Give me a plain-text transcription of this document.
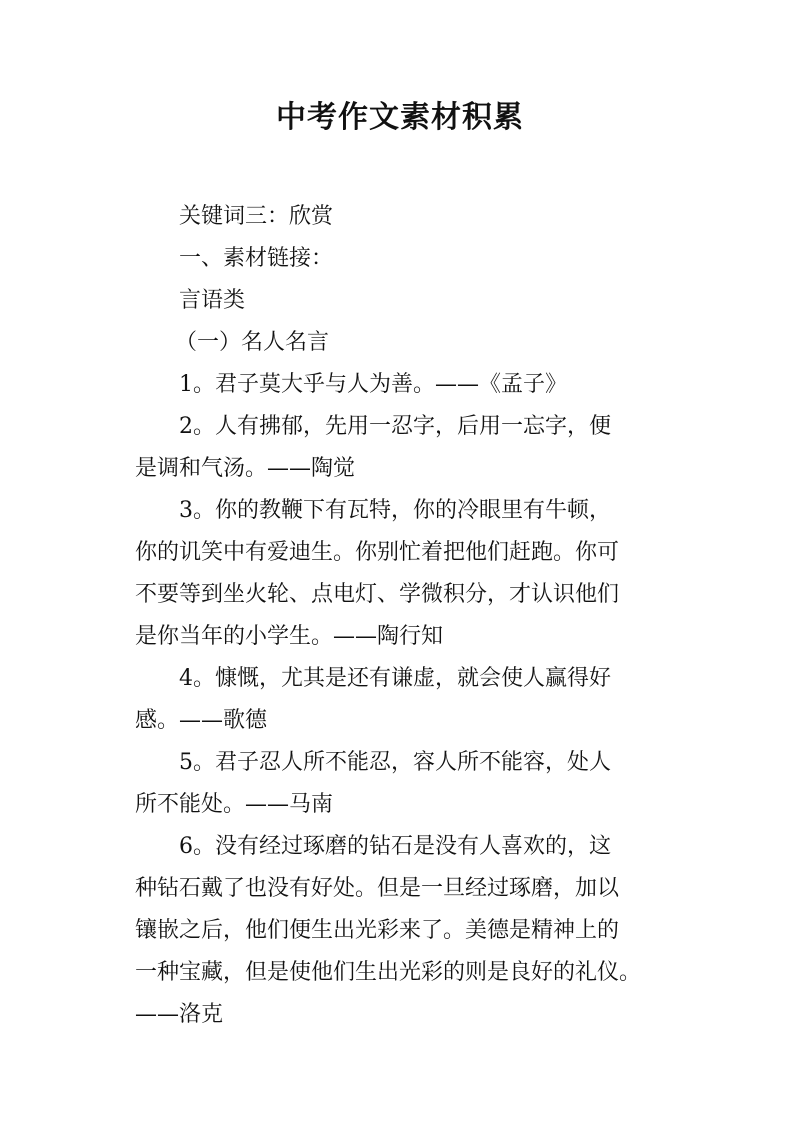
中考作文素材积累
关键词三：欣赏
一、素材链接：
言语类
（一）名人名言
1。君子莫大乎与人为善。——《孟子》
2。人有拂郁，先用一忍字，后用一忘字，便
是调和气汤。——陶觉
3。你的教鞭下有瓦特，你的冷眼里有牛顿，
你的讥笑中有爱迪生。你别忙着把他们赶跑。你可
不要等到坐火轮、点电灯、学微积分，才认识他们
是你当年的小学生。——陶行知
4。慷慨，尤其是还有谦虚，就会使人赢得好
感。——歌德
5。君子忍人所不能忍，容人所不能容，处人
所不能处。——马南
6。没有经过琢磨的钻石是没有人喜欢的，这
种钻石戴了也没有好处。但是一旦经过琢磨，加以
镶嵌之后，他们便生出光彩来了。美德是精神上的
一种宝藏，但是使他们生出光彩的则是良好的礼仪。
——洛克
